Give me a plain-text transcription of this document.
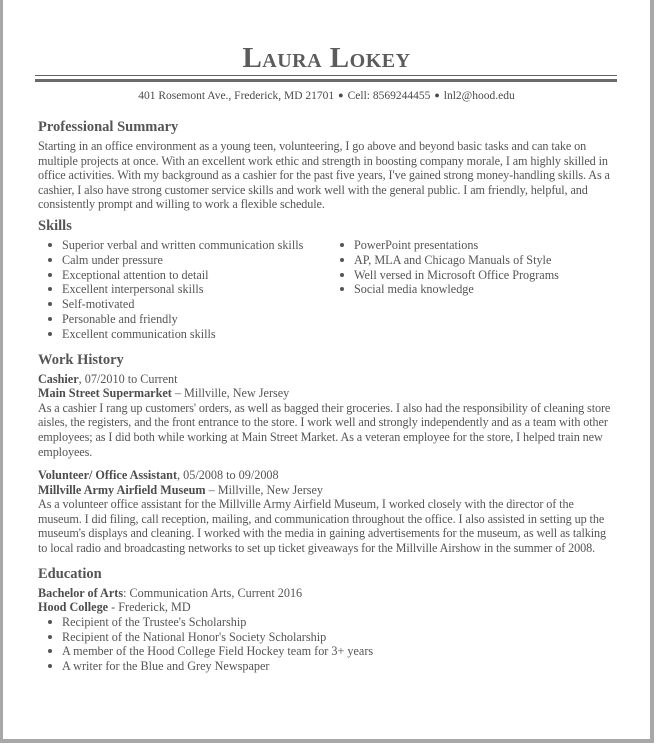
Laura Lokey
401 Rosemont Ave., Frederick, MD 21701 ● Cell: 8569244455 ● lnl2@hood.edu
Professional Summary

Starting in an office environment as a young teen, volunteering, I go above and beyond basic tasks and can take on multiple projects at once. With an excellent work ethic and strength in boosting company morale, I am highly skilled in office activities. With my background as a cashier for the past five years, I've gained strong money-handling skills. As a cashier, I also have strong customer service skills and work well with the general public. I am friendly, helpful, and consistently prompt and willing to work a flexible schedule.

Skills
Superior verbal and written communication skills
Calm under pressure
Exceptional attention to detail
Excellent interpersonal skills
Self-motivated
Personable and friendly
Excellent communication skills
PowerPoint presentations
AP, MLA and Chicago Manuals of Style
Well versed in Microsoft Office Programs
Social media knowledge
Work History
Cashier, 07/2010 to Current
Main Street Supermarket – Millville, New Jersey

As a cashier I rang up customers' orders, as well as bagged their groceries. I also had the responsibility of cleaning store aisles, the registers, and the front entrance to the store. I work well and strongly independently and as a team with other employees; as I did both while working at Main Street Market. As a veteran employee for the store, I helped train new employees.

Volunteer/ Office Assistant, 05/2008 to 09/2008
Millville Army Airfield Museum – Millville, New Jersey

As a volunteer office assistant for the Millville Army Airfield Museum, I worked closely with the director of the museum. I did filing, call reception, mailing, and communication throughout the office. I also assisted in setting up the museum's displays and cleaning. I worked with the media in gaining advertisements for the museum, as well as talking to local radio and broadcasting networks to set up ticket giveaways for the Millville Airshow in the summer of 2008.

Education
Bachelor of Arts: Communication Arts, Current 2016
Hood College - Frederick, MD
Recipient of the Trustee's Scholarship
Recipient of the National Honor's Society Scholarship
A member of the Hood College Field Hockey team for 3+ years
A writer for the Blue and Grey Newspaper
